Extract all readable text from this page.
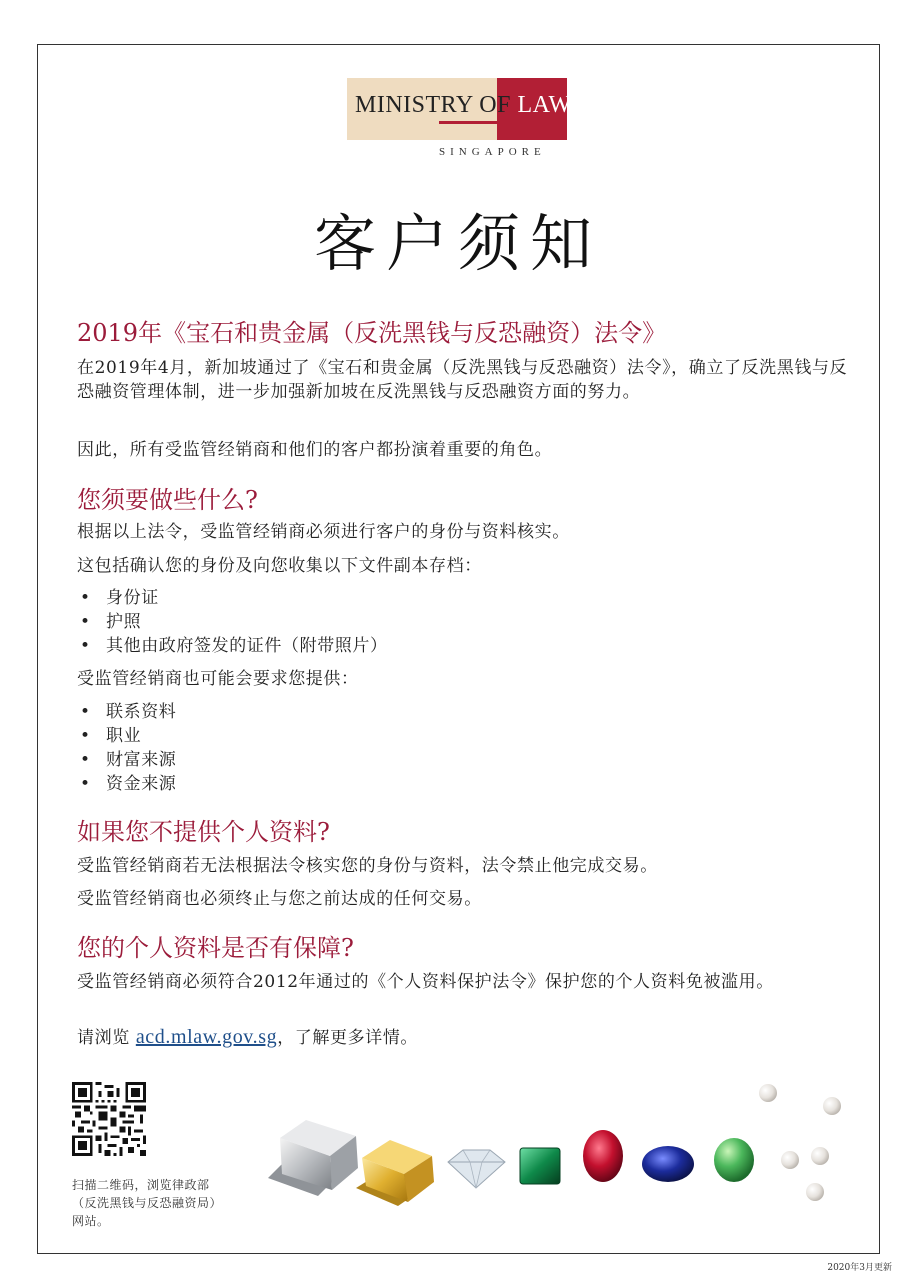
MINISTRY OF LAW
SINGAPORE
客户须知
2019年《宝石和贵金属（反洗黑钱与反恐融资）法令》

在2019年4月，新加坡通过了《宝石和贵金属（反洗黑钱与反恐融资）法令》，确立了反洗黑钱与反恐融资管理体制，进一步加强新加坡在反洗黑钱与反恐融资方面的努力。

因此，所有受监管经销商和他们的客户都扮演着重要的角色。

您须要做些什么?

根据以上法令，受监管经销商必须进行客户的身份与资料核实。

这包括确认您的身份及向您收集以下文件副本存档：

• 身份证
• 护照
• 其他由政府签发的证件（附带照片）

受监管经销商也可能会要求您提供：

• 联系资料
• 职业
• 财富来源
• 资金来源
如果您不提供个人资料?

受监管经销商若无法根据法令核实您的身份与资料，法令禁止他完成交易。

受监管经销商也必须终止与您之前达成的任何交易。

您的个人资料是否有保障?

受监管经销商必须符合2012年通过的《个人资料保护法令》保护您的个人资料免被滥用。

请浏览 acd.mlaw.gov.sg，了解更多详情。

扫描二维码，浏览律政部（反洗黑钱与反恐融资局）网站。
2020年3月更新
